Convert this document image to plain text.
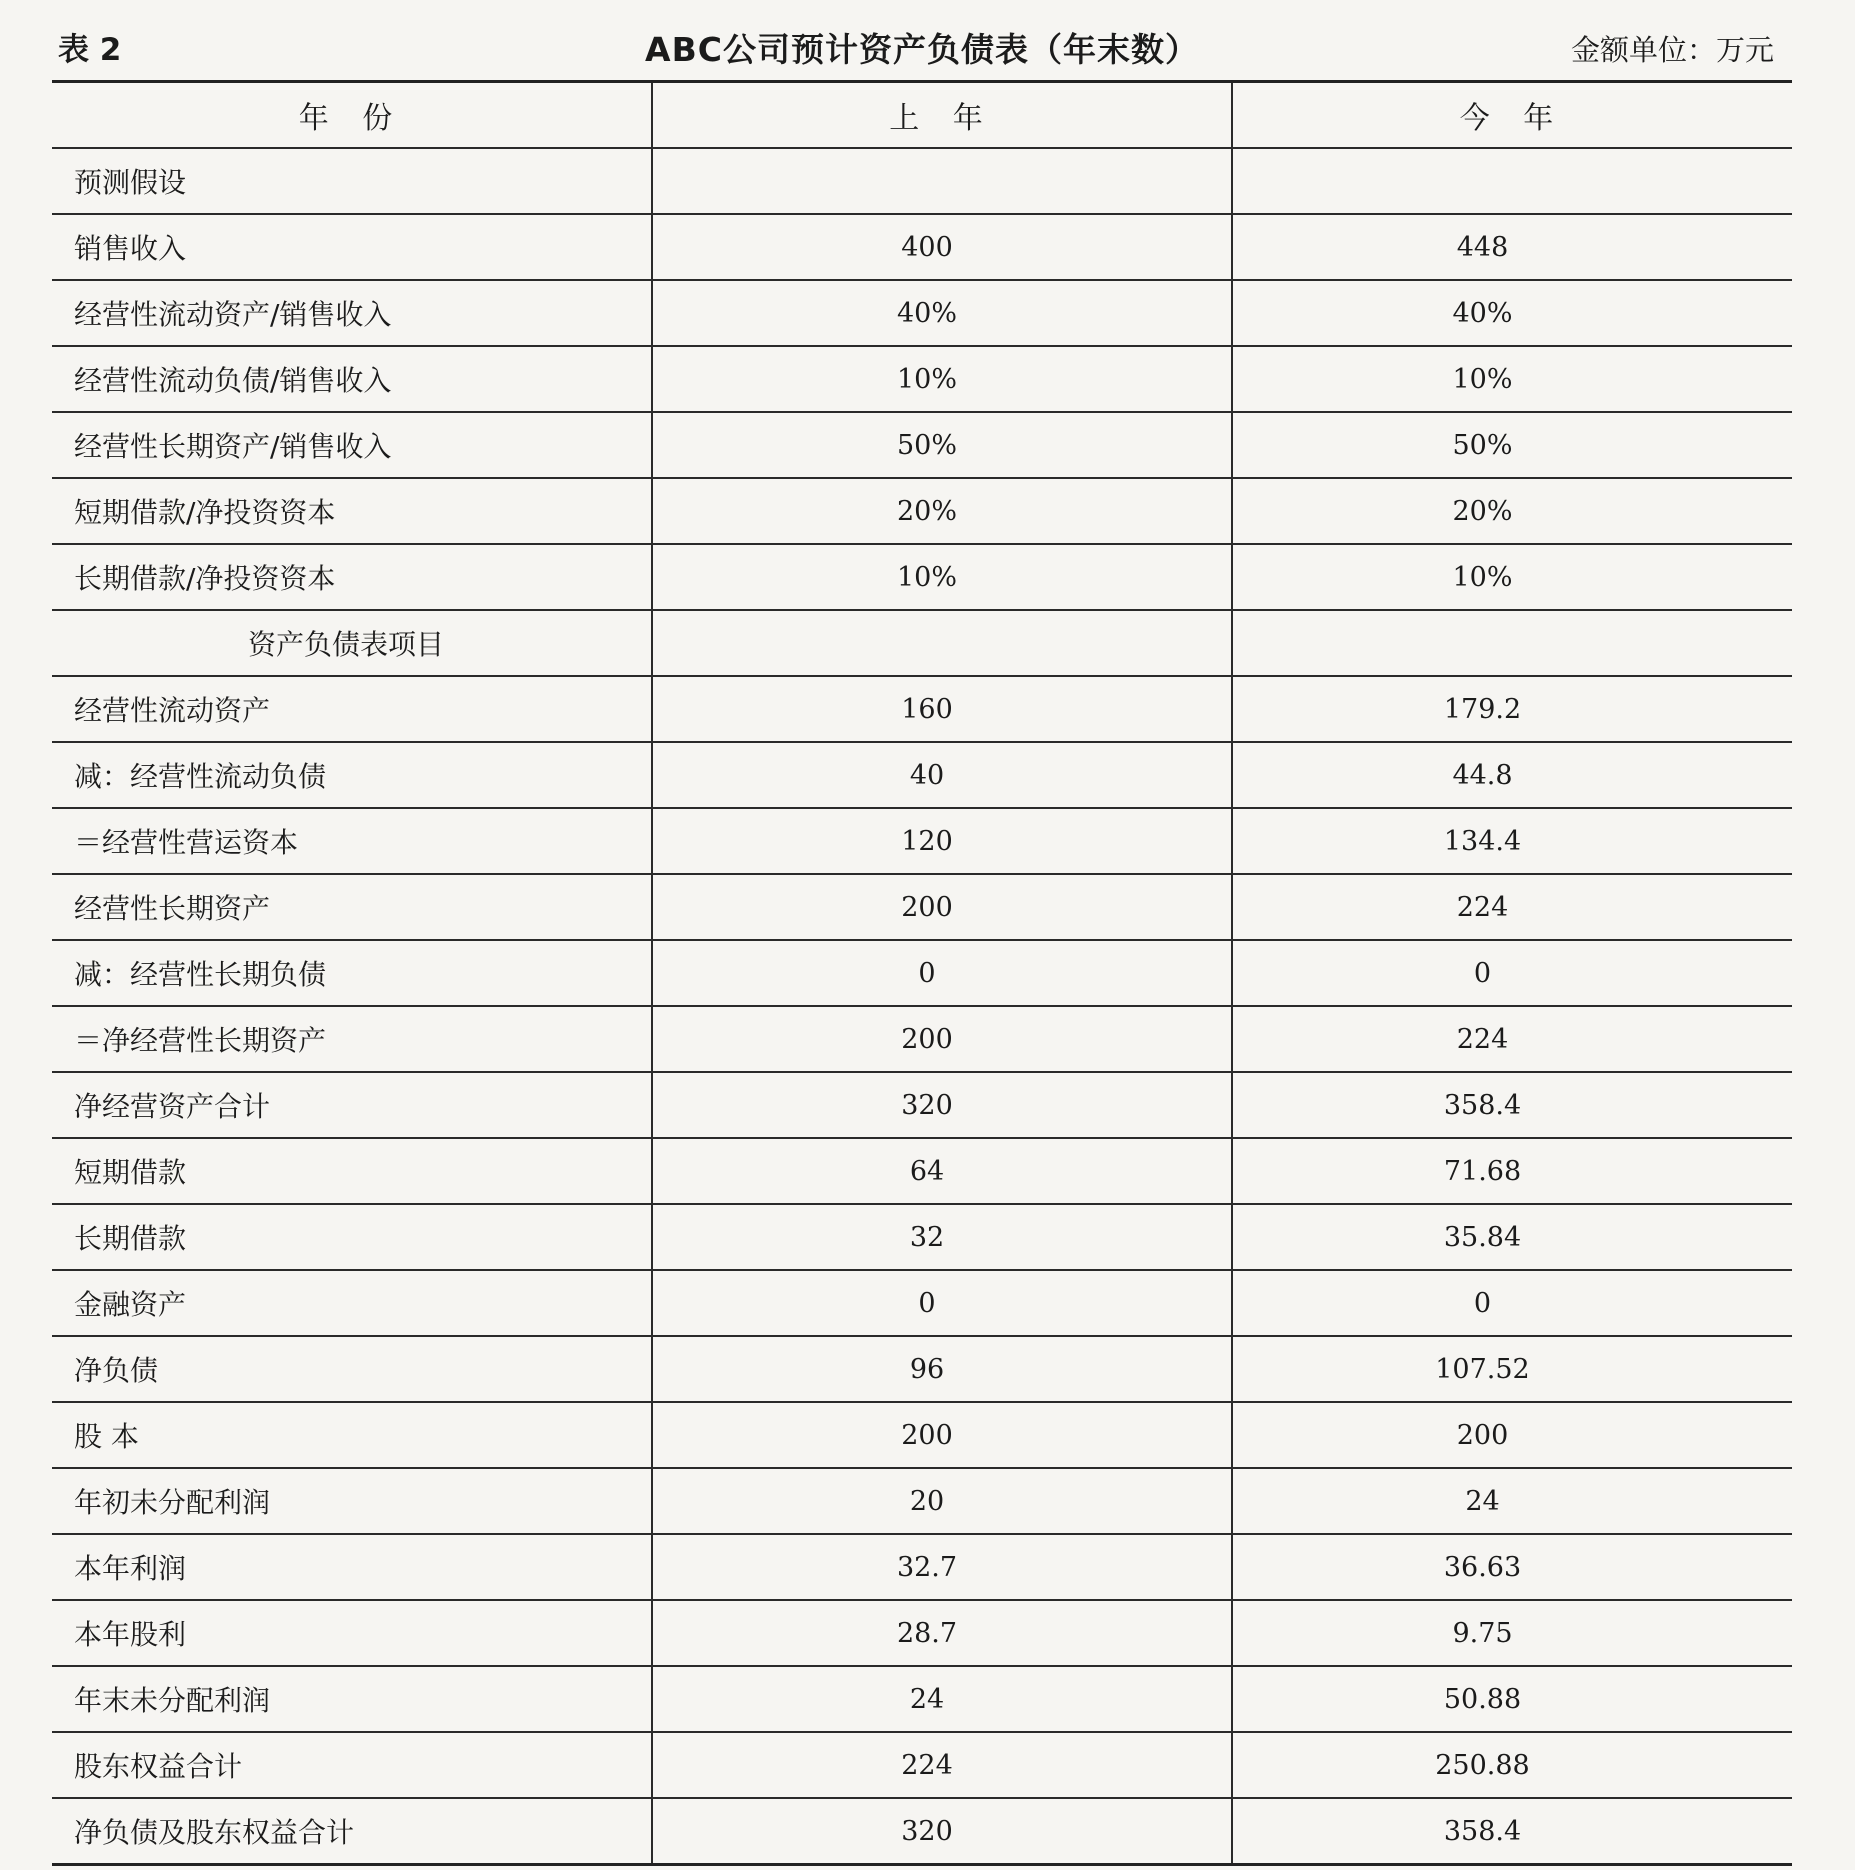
表 2	ABC公司预计资产负债表（年末数）	金额单位：万元
年 份	上 年	今 年
预测假设		
销售收入	400	448
经营性流动资产/销售收入	40%	40%
经营性流动负债/销售收入	10%	10%
经营性长期资产/销售收入	50%	50%
短期借款/净投资资本	20%	20%
长期借款/净投资资本	10%	10%
资产负债表项目		
经营性流动资产	160	179.2
减：经营性流动负债	40	44.8
＝经营性营运资本	120	134.4
经营性长期资产	200	224
减：经营性长期负债	0	0
＝净经营性长期资产	200	224
净经营资产合计	320	358.4
短期借款	64	71.68
长期借款	32	35.84
金融资产	0	0
净负债	96	107.52
股 本	200	200
年初未分配利润	20	24
本年利润	32.7	36.63
本年股利	28.7	9.75
年末未分配利润	24	50.88
股东权益合计	224	250.88
净负债及股东权益合计	320	358.4
